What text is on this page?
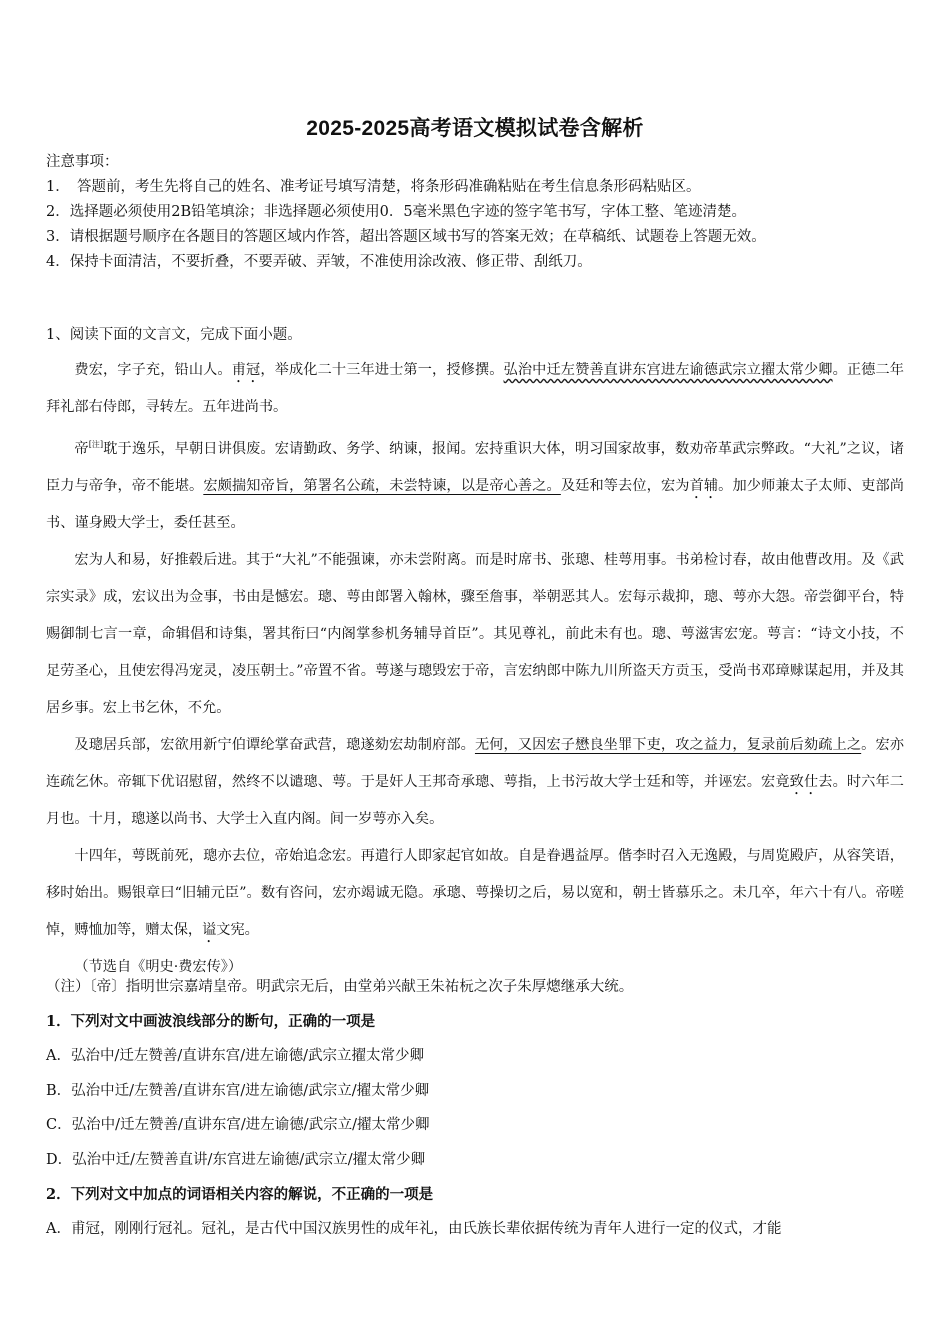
2025-2025高考语文模拟试卷含解析
注意事项：
1．　答题前，考生先将自己的姓名、准考证号填写清楚，将条形码准确粘贴在考生信息条形码粘贴区。
2．选择题必须使用2B铅笔填涂；非选择题必须使用0．5毫米黑色字迹的签字笔书写，字体工整、笔迹清楚。
3．请根据题号顺序在各题目的答题区域内作答，超出答题区域书写的答案无效；在草稿纸、试题卷上答题无效。
4．保持卡面清洁，不要折叠，不要弄破、弄皱，不准使用涂改液、修正带、刮纸刀。
1、阅读下面的文言文，完成下面小题。

费宏，字子充，铅山人。甫冠，举成化二十三年进士第一，授修撰。弘治中迁左赞善直讲东宫进左谕德武宗立擢太常少卿。正德二年拜礼部右侍郎，寻转左。五年进尚书。

帝[注]耽于逸乐，早朝日讲俱废。宏请勤政、务学、纳谏，报闻。宏持重识大体，明习国家故事，数劝帝革武宗弊政。“大礼”之议，诸臣力与帝争，帝不能堪。宏颇揣知帝旨，第署名公疏，未尝特谏，以是帝心善之。及廷和等去位，宏为首辅。加少师兼太子太师、吏部尚书、谨身殿大学士，委任甚至。

宏为人和易，好推毂后进。其于“大礼”不能强谏，亦未尝附离。而是时席书、张璁、桂萼用事。书弟检讨春，故由他曹改用。及《武宗实录》成，宏议出为佥事，书由是憾宏。璁、萼由郎署入翰林，骤至詹事，举朝恶其人。宏每示裁抑，璁、萼亦大怨。帝尝御平台，特赐御制七言一章，命辑倡和诗集，署其衔曰“内阁掌参机务辅导首臣”。其见尊礼，前此未有也。璁、萼滋害宏宠。萼言：“诗文小技，不足劳圣心，且使宏得冯宠灵，凌压朝士。”帝置不省。萼遂与璁毁宏于帝，言宏纳郎中陈九川所盗天方贡玉，受尚书邓璋赇谋起用，并及其居乡事。宏上书乞休，不允。

及璁居兵部，宏欲用新宁伯谭纶掌奋武营，璁遂劾宏劫制府部。无何，又因宏子懋良坐罪下吏，攻之益力，复录前后劾疏上之。宏亦连疏乞休。帝辄下优诏慰留，然终不以谴璁、萼。于是奸人王邦奇承璁、萼指，上书污故大学士廷和等，并诬宏。宏竟致仕去。时六年二月也。十月，璁遂以尚书、大学士入直内阁。间一岁萼亦入矣。

十四年，萼既前死，璁亦去位，帝始追念宏。再遣行人即家起官如故。自是眷遇益厚。偕李时召入无逸殿，与周览殿庐，从容笑语，移时始出。赐银章曰“旧辅元臣”。数有咨问，宏亦竭诚无隐。承璁、萼操切之后，易以宽和，朝士皆慕乐之。未几卒，年六十有八。帝嗟悼，赙恤加等，赠太保，谥文宪。

（节选自《明史·费宏传》）

（注）〔帝〕指明世宗嘉靖皇帝。明武宗无后，由堂弟兴献王朱祐杬之次子朱厚熜继承大统。
1．下列对文中画波浪线部分的断句，正确的一项是
A．弘治中/迁左赞善/直讲东宫/进左谕德/武宗立擢太常少卿
B．弘治中迁/左赞善/直讲东宫/进左谕德/武宗立/擢太常少卿
C．弘治中/迁左赞善/直讲东宫/进左谕德/武宗立/擢太常少卿
D．弘治中迁/左赞善直讲/东宫进左谕德/武宗立/擢太常少卿
2．下列对文中加点的词语相关内容的解说，不正确的一项是
A．甫冠，刚刚行冠礼。冠礼，是古代中国汉族男性的成年礼，由氏族长辈依据传统为青年人进行一定的仪式，才能
